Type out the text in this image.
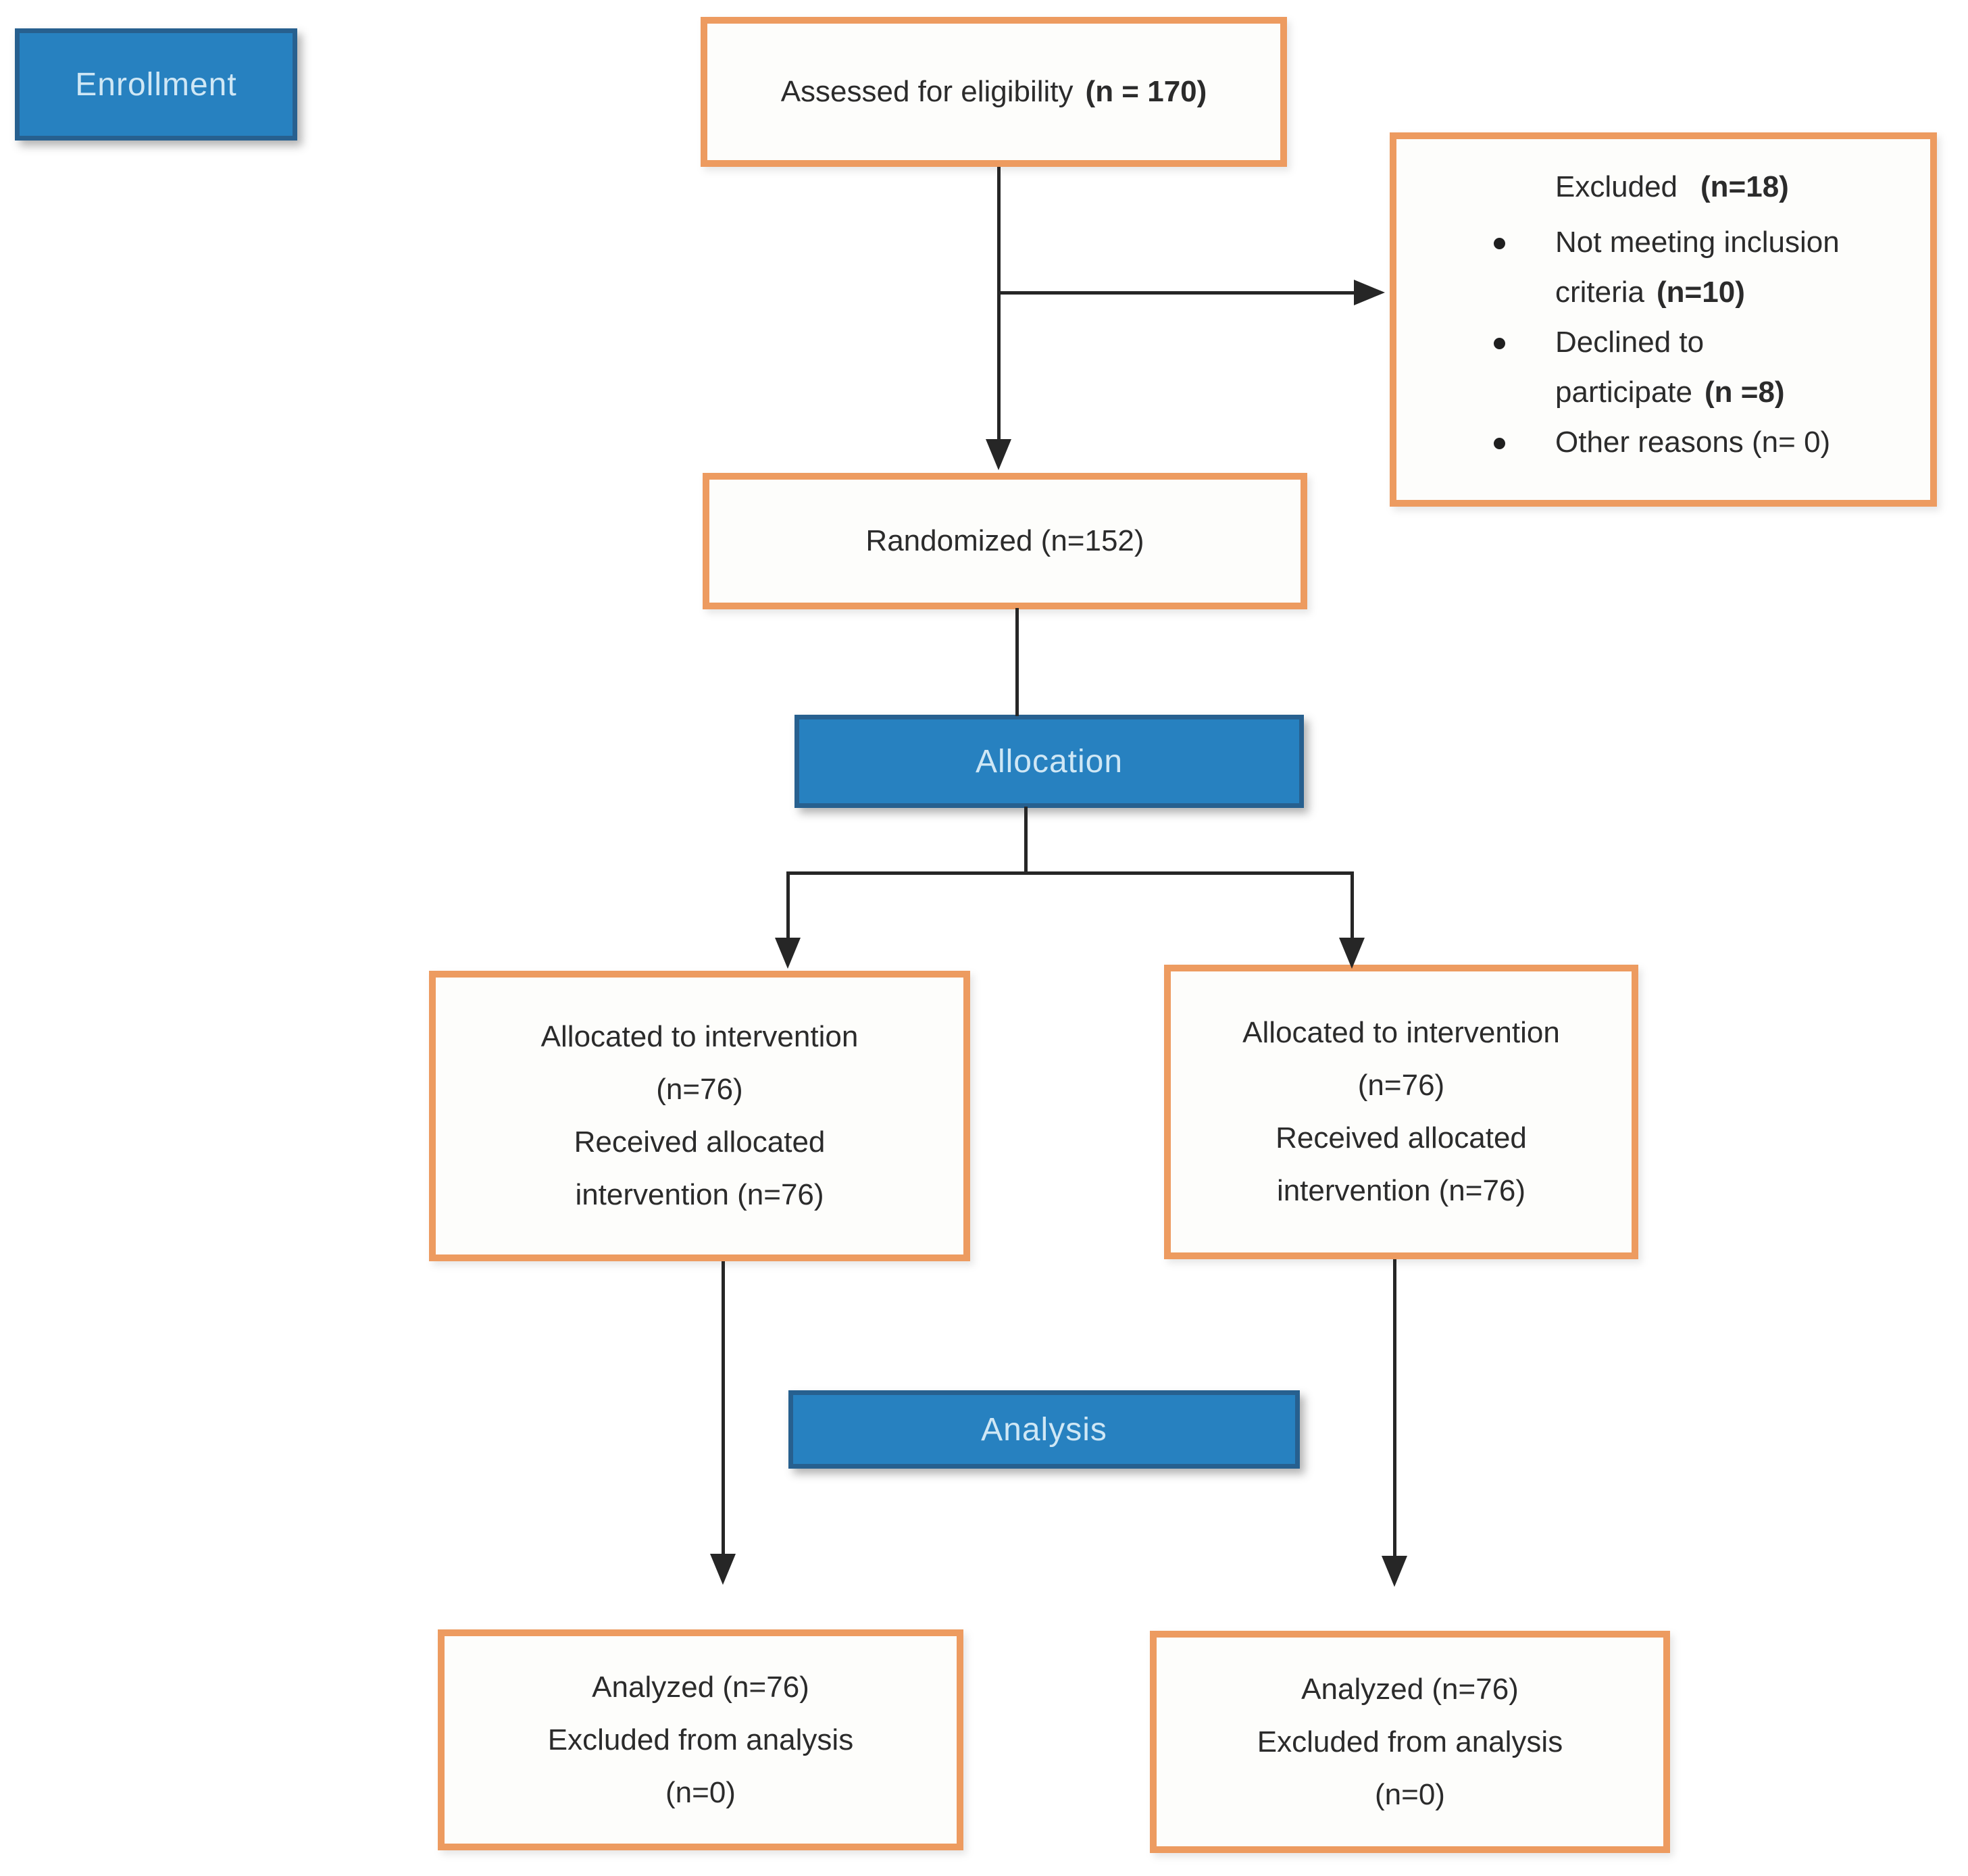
Enrollment
Allocation
Analysis
Assessed for eligibility (n = 170)
Excluded (n=18)
Not meeting inclusion
criteria (n=10)
Declined to
participate (n =8)
Other reasons (n= 0)
Randomized (n=152)
Allocated to intervention
(n=76)
Received allocated
intervention (n=76)
Allocated to intervention
(n=76)
Received allocated
intervention (n=76)
Analyzed (n=76)
Excluded from analysis
(n=0)
Analyzed (n=76)
Excluded from analysis
(n=0)
